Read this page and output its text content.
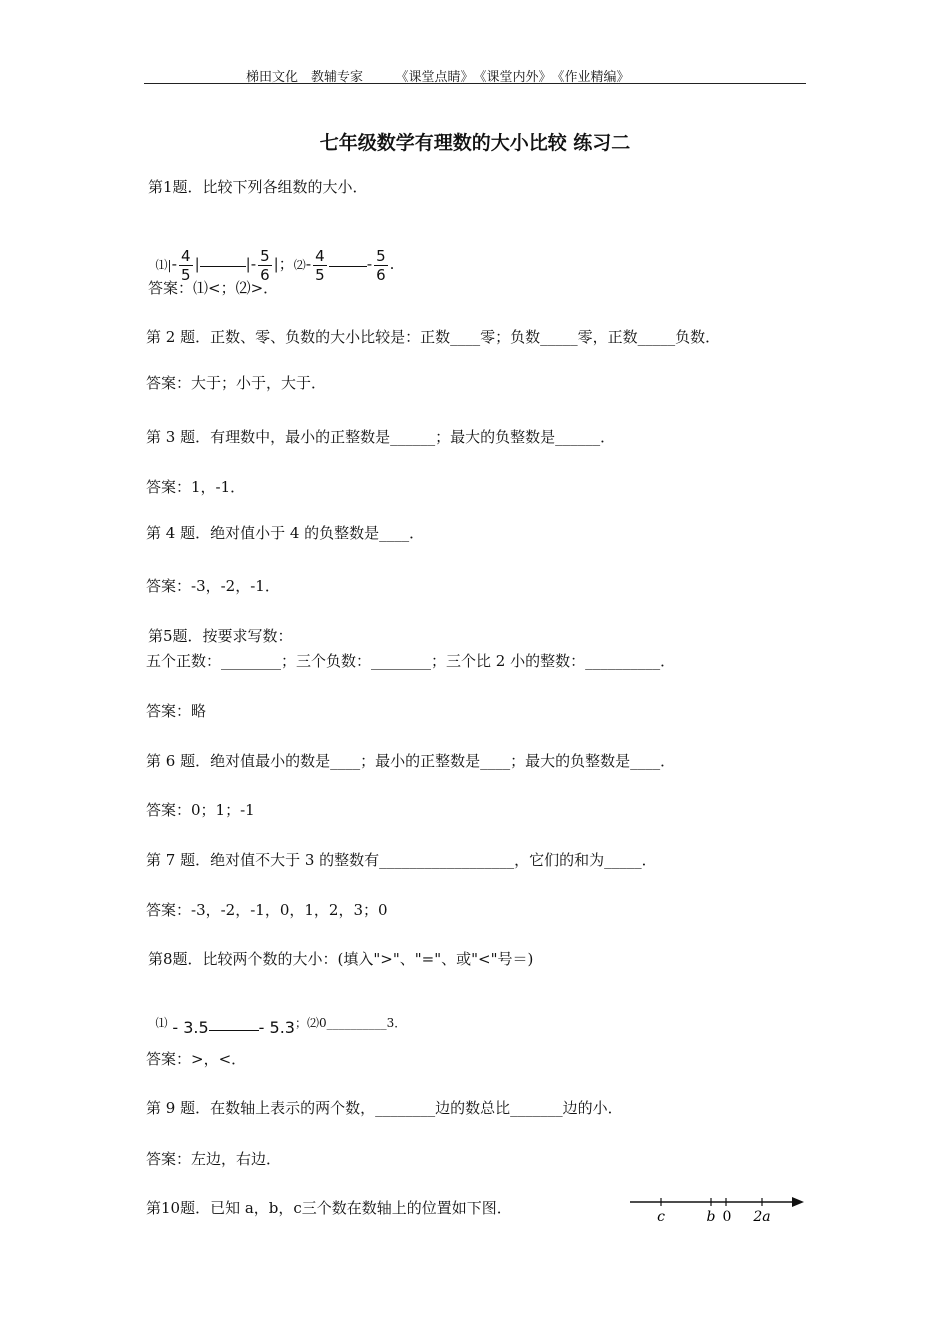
梯田文化　教辅专家　　　《课堂点睛》　《课堂内外》　《作业精编》
七年级数学有理数的大小比较 练习二
第1题．比较下列各组数的大小．

⑴|- $\frac{4}{5}$ |	|- $\frac{5}{6}$ |；⑵- $\frac{4}{5}$	- $\frac{5}{6}$ .

答案：⑴<；⑵>．
第 2 题．正数、零、负数的大小比较是：正数____零；负数_____零，正数_____负数．
答案：大于；小于，大于．
第 3 题．有理数中，最小的正整数是______；最大的负整数是______．
答案：1，-1．
第 4 题．绝对值小于 4 的负整数是____．
答案：-3，-2，-1．
第5题．按要求写数：
五个正数：________；三个负数：________；三个比 2 小的整数：__________．
答案：略
第 6 题．绝对值最小的数是____；最小的正整数是____；最大的负整数是____．
答案：0；1；-1
第 7 题．绝对值不大于 3 的整数有__________________，它们的和为_____．
答案：-3，-2，-1，0，1，2，3；0
第8题．比较两个数的大小：(填入">"、"="、或"<"号＝)

⑴ - 3.5	- $5.3^{;⑵0\_\_\_\_\_\_\_\_\_\_3.}$

答案：>，<．
第 9 题．在数轴上表示的两个数，________边的数总比_______边的小．
答案：左边，右边．
第10题．已知 a，b，c三个数在数轴上的位置如下图．	c	b 0 2a
